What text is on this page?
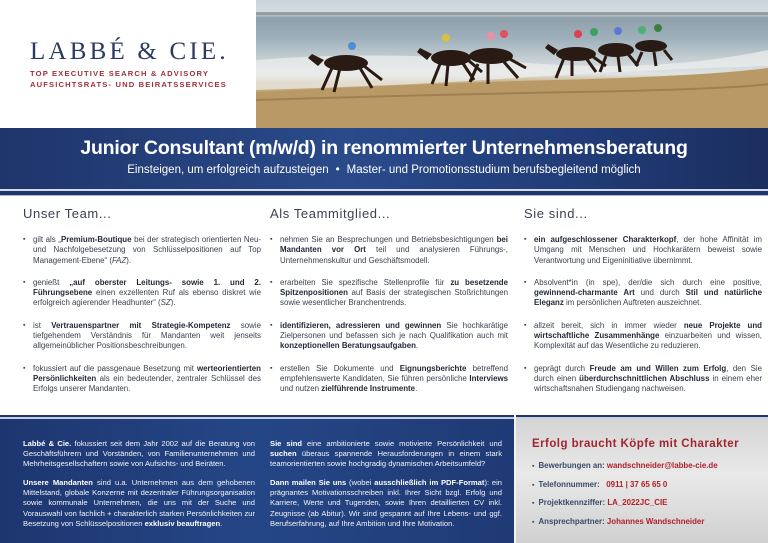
LABBÉ & CIE.
TOP EXECUTIVE SEARCH & ADVISORY
AUFSICHTSRATS- UND BEIRATSSERVICES
Junior Consultant (m/w/d) in renommierter Unternehmensberatung
Einsteigen, um erfolgreich aufzusteigen • Master- und Promotionsstudium berufsbegleitend möglich
Unser Team...
▪ gilt als „Premium-Boutique bei der strategisch orientierten Neu- und Nachfolgebesetzung von Schlüsselpositionen auf Top Management-Ebene“ (FAZ).
▪ genießt „auf oberster Leitungs- sowie 1. und 2. Führungsebene einen exzellenten Ruf als ebenso diskret wie erfolgreich agierender Headhunter“ (SZ).
▪ ist Vertrauenspartner mit Strategie-Kompetenz sowie tiefgehendem Verständnis für Mandanten weit jenseits allgemeinüblicher Positionsbeschreibungen.
▪ fokussiert auf die passgenaue Besetzung mit werteorientierten Persönlichkeiten als ein bedeutender, zentraler Schlüssel des Erfolgs unserer Mandanten.
Als Teammitglied...
▪ nehmen Sie an Besprechungen und Betriebsbesichtigungen bei Mandanten vor Ort teil und analysieren Führungs-, Unternehmenskultur und Geschäftsmodell.
▪ erarbeiten Sie spezifische Stellenprofile für zu besetzende Spitzenpositionen auf Basis der strategischen Stoßrichtungen sowie wesentlicher Branchentrends.
▪ identifizieren, adressieren und gewinnen Sie hochkarätige Zielpersonen und befassen sich je nach Qualifikation auch mit konzeptionellen Beratungsaufgaben.
▪ erstellen Sie Dokumente und Eignungsberichte betreffend empfehlenswerte Kandidaten, Sie führen persönliche Interviews und nutzen zielführende Instrumente.
Sie sind...
▪ ein aufgeschlossener Charakterkopf, der hohe Affinität im Umgang mit Menschen und Hochkarätern beweist sowie Verantwortung und Eigeninitiative übernimmt.
▪ Absolvent*in (in spe), der/die sich durch eine positive, gewinnend-charmante Art und durch Stil und natürliche Eleganz im persönlichen Auftreten auszeichnet.
▪ allzeit bereit, sich in immer wieder neue Projekte und wirtschaftliche Zusammenhänge einzuarbeiten und wissen, Komplexität auf das Wesentliche zu reduzieren.
▪ geprägt durch Freude am und Willen zum Erfolg, den Sie durch einen überdurchschnittlichen Abschluss in einem eher wirtschaftsnahen Studiengang nachweisen.

Labbé & Cie. fokussiert seit dem Jahr 2002 auf die Beratung von Geschäftsführern und Vorständen, von Familienunternehmen und Mehrheitsgesellschaftern sowie von Aufsichts- und Beiräten.

Unsere Mandanten sind u.a. Unternehmen aus dem gehobenen Mittelstand, globale Konzerne mit dezentraler Führungsorganisation sowie kommunale Unternehmen, die uns mit der Suche und Vorauswahl von fachlich + charakterlich starken Persönlichkeiten zur Besetzung von Schlüsselpositionen exklusiv beauftragen.

Sie sind eine ambitionierte sowie motivierte Persönlichkeit und suchen überaus spannende Herausforderungen in einem stark teamorientierten sowie hochgradig dynamischen Arbeitsumfeld?

Dann mailen Sie uns (wobei ausschließlich im PDF-Format): ein prägnantes Motivationsschreiben inkl. Ihrer Sicht bzgl. Erfolg und Karriere, Werte und Tugenden, sowie Ihren detaillierten CV inkl. Zeugnisse (ab Abitur). Wir sind gespannt auf Ihre Lebens- und ggf. Berufserfahrung, auf Ihre Ambition und Ihre Motivation.

Erfolg braucht Köpfe mit Charakter
▪ Bewerbungen an: wandschneider@labbe-cie.de
▪ Telefonnummer: 0911 | 37 65 65 0
▪ Projektkennziffer: LA_2022JC_CIE
▪ Ansprechpartner: Johannes Wandschneider
